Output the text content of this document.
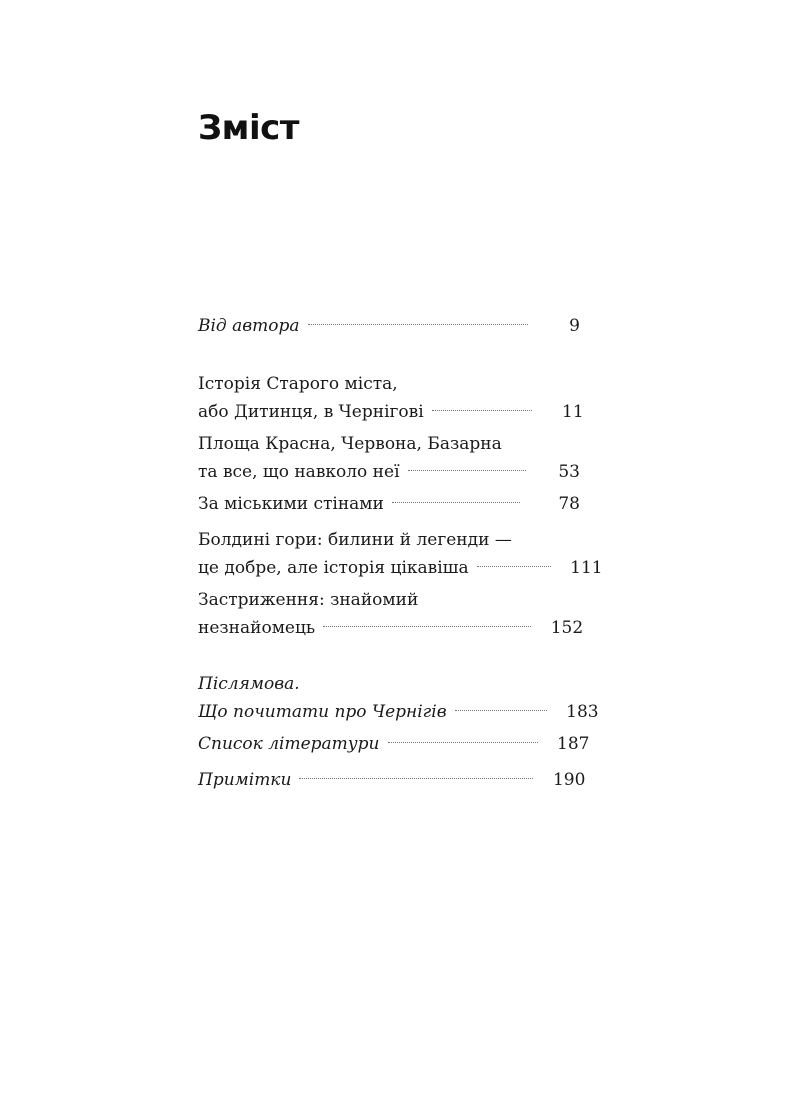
Зміст
Від автора	9
Історія Старого міста,
або Дитинця, в Чернігові	11
Площа Красна, Червона, Базарна
та все, що навколо неї	53
За міськими стінами	78
Болдині гори: билини й легенди —
це добре, але історія цікавіша	111
Застриження: знайомий
незнайомець	152
Післямова.
Що почитати про Чернігів	183
Список літератури	187
Примітки	190
